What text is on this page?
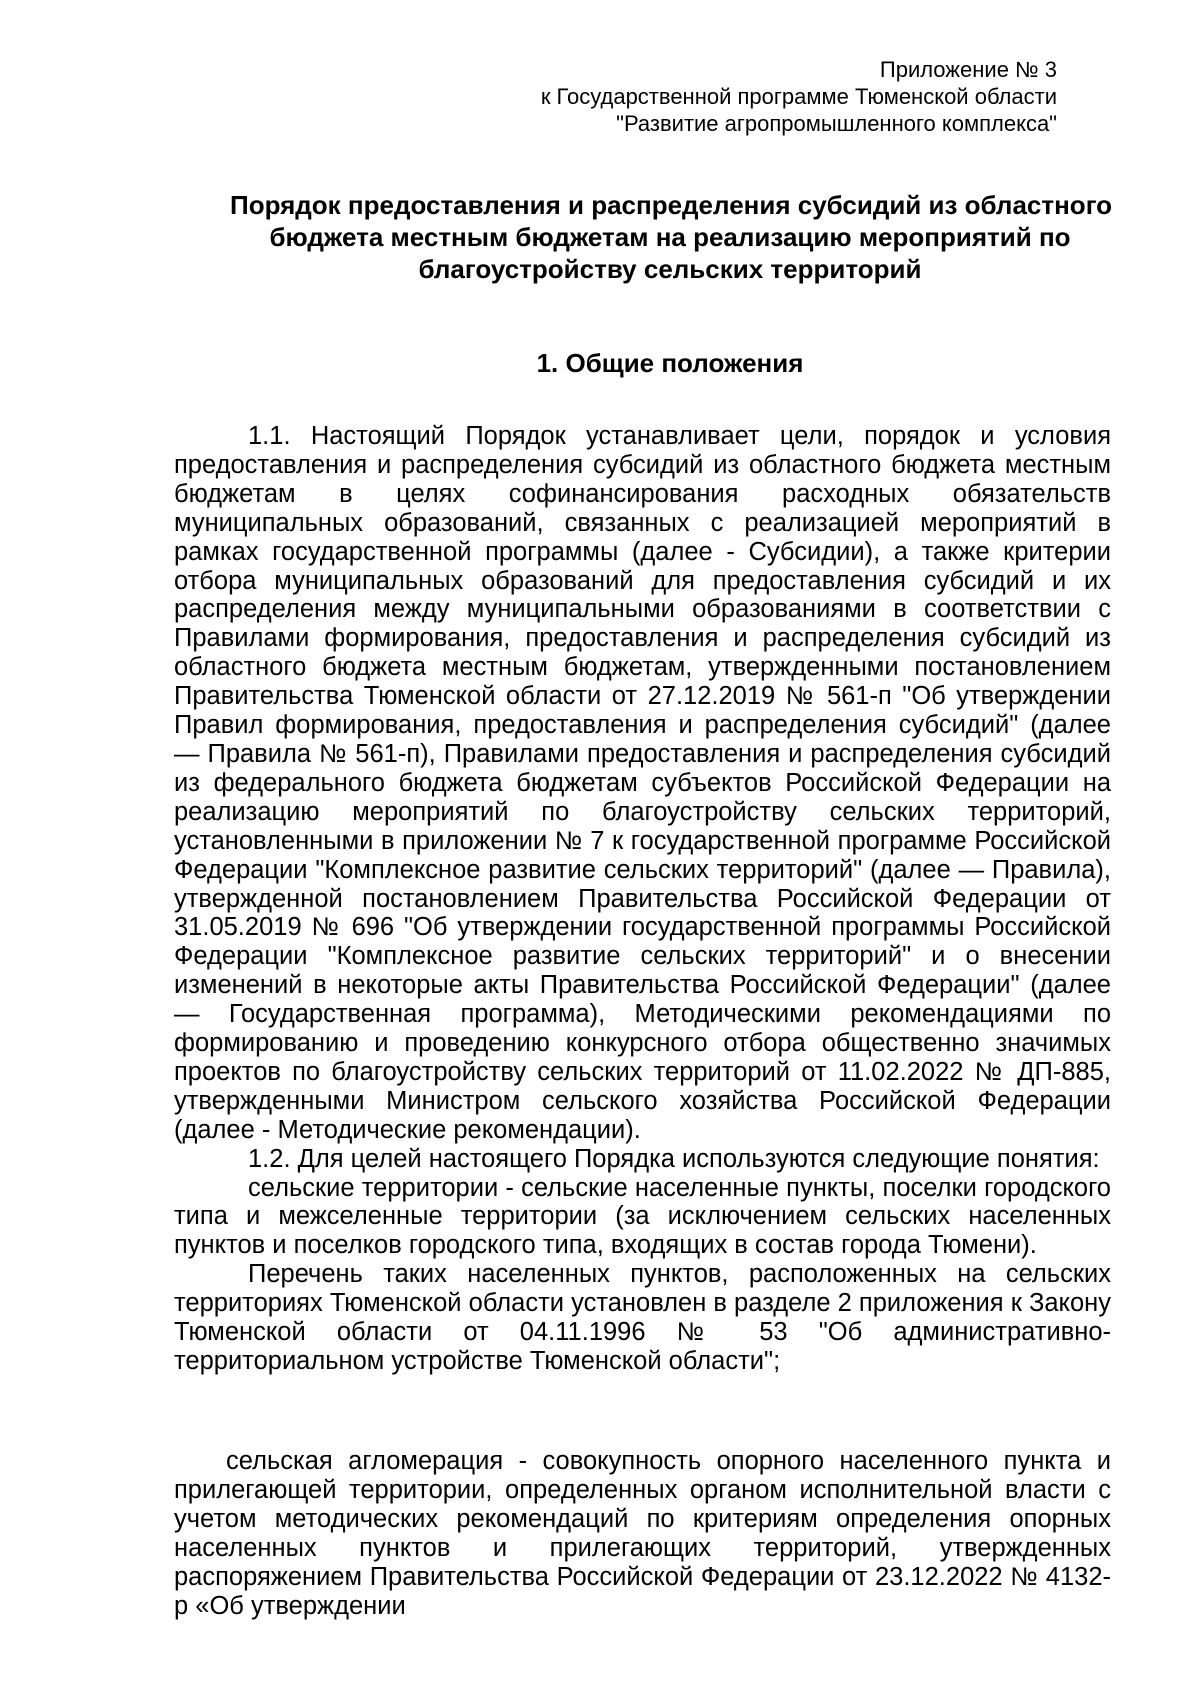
Приложение № 3
к Государственной программе Тюменской области
"Развитие агропромышленного комплекса"
Порядок предоставления и распределения субсидий из областного
бюджета местным бюджетам на реализацию мероприятий по
благоустройству сельских территорий
1. Общие положения

1.1. Настоящий Порядок устанавливает цели, порядок и условия предоставления и распределения субсидий из областного бюджета местным бюджетам в целях софинансирования расходных обязательств муниципальных образований, связанных с реализацией мероприятий в рамках государственной программы (далее - Субсидии), а также критерии отбора муниципальных образований для предоставления субсидий и их распределения между муниципальными образованиями в соответствии с Правилами формирования, предоставления и распределения субсидий из областного бюджета местным бюджетам, утвержденными постановлением Правительства Тюменской области от 27.12.2019 № 561-п "Об утверждении Правил формирования, предоставления и распределения субсидий" (далее — Правила № 561-п), Правилами предоставления и распределения субсидий из федерального бюджета бюджетам субъектов Российской Федерации на реализацию мероприятий по благоустройству сельских территорий, установленными в приложении № 7 к государственной программе Российской Федерации "Комплексное развитие сельских территорий" (далее — Правила), утвержденной постановлением Правительства Российской Федерации от 31.05.2019 № 696 "Об утверждении государственной программы Российской Федерации "Комплексное развитие сельских территорий" и о внесении изменений в некоторые акты Правительства Российской Федерации" (далее — Государственная программа), Методическими рекомендациями по формированию и проведению конкурсного отбора общественно значимых проектов по благоустройству сельских территорий от 11.02.2022 № ДП-885, утвержденными Министром сельского хозяйства Российской Федерации (далее - Методические рекомендации).

1.2. Для целей настоящего Порядка используются следующие понятия:

сельские территории - сельские населенные пункты, поселки городского типа и межселенные территории (за исключением сельских населенных пунктов и поселков городского типа, входящих в состав города Тюмени).

Перечень таких населенных пунктов, расположенных на сельских территориях Тюменской области установлен в разделе 2 приложения к Закону Тюменской области от 04.11.1996 № 53 "Об административно-территориальном устройстве Тюменской области";

сельская агломерация - совокупность опорного населенного пункта и прилегающей территории, определенных органом исполнительной власти с учетом методических рекомендаций по критериям определения опорных населенных пунктов и прилегающих территорий, утвержденных распоряжением Правительства Российской Федерации от 23.12.2022 № 4132-р «Об утверждении
